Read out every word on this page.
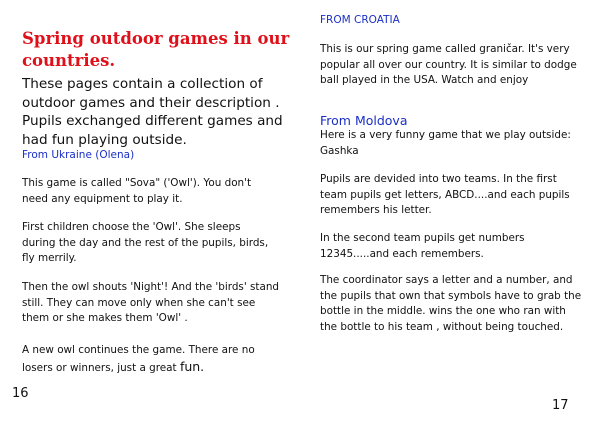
Spring outdoor games in our countries.
These pages contain a collection of outdoor games and their description . Pupils exchanged different games and had fun playing outside.
From Ukraine (Olena)
This game is called "Sova" ('Owl'). You don't need any equipment to play it.
First children choose the 'Owl'. She sleeps during the day and the rest of the pupils, birds, fly merrily.
Then the owl shouts 'Night'! And the 'birds' stand still. They can move only when she can't see them or she makes them 'Owl' .
A new owl continues the game. There are no losers or winners, just a great fun.
16
FROM CROATIA
This is our spring game called graničar. It's very popular all over our country. It is similar to dodge ball played in the USA. Watch and enjoy
From Moldova
Here is a very funny game that we play outside: Gashka
Pupils are devided into two teams. In the first team pupils get letters, ABCD....and each pupils remembers his letter.
In the second team pupils get numbers 12345.....and each remembers.
The coordinator says a letter and a number, and the pupils that own that symbols have to grab the bottle in the middle. wins the one who ran with the bottle to his team , without being touched.
17
